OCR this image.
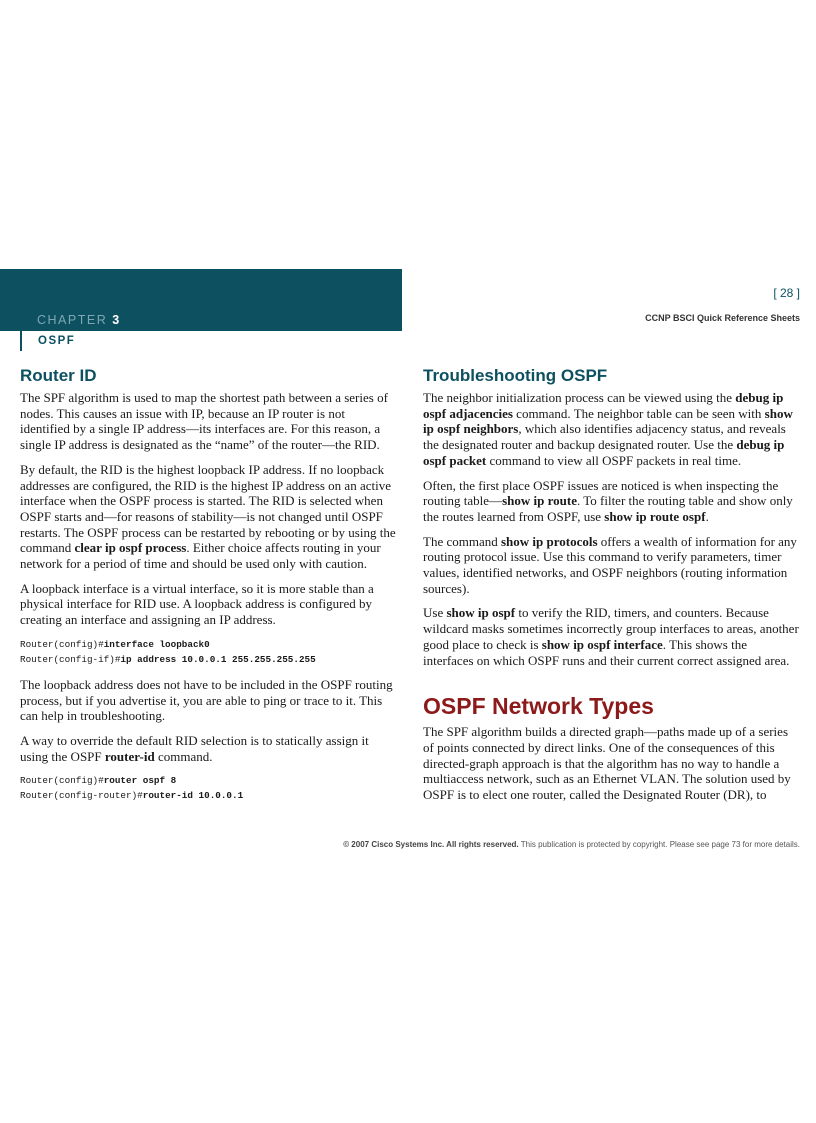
CHAPTER 3
OSPF
[ 28 ]
CCNP BSCI Quick Reference Sheets
Router ID

The SPF algorithm is used to map the shortest path between a series of nodes. This causes an issue with IP, because an IP router is not identified by a single IP address—its interfaces are. For this reason, a single IP address is designated as the “name” of the router—the RID.

By default, the RID is the highest loopback IP address. If no loopback addresses are configured, the RID is the highest IP address on an active interface when the OSPF process is started. The RID is selected when OSPF starts and—for reasons of stability—is not changed until OSPF restarts. The OSPF process can be restarted by rebooting or by using the command clear ip ospf process. Either choice affects routing in your network for a period of time and should be used only with caution.

A loopback interface is a virtual interface, so it is more stable than a physical interface for RID use. A loopback address is configured by creating an interface and assigning an IP address.

Router(config)#interface loopback0
Router(config-if)#ip address 10.0.0.1 255.255.255.255

The loopback address does not have to be included in the OSPF routing process, but if you advertise it, you are able to ping or trace to it. This can help in troubleshooting.

A way to override the default RID selection is to statically assign it using the OSPF router-id command.

Router(config)#router ospf 8
Router(config-router)#router-id 10.0.0.1
Troubleshooting OSPF

The neighbor initialization process can be viewed using the debug ip ospf adjacencies command. The neighbor table can be seen with show ip ospf neighbors, which also identifies adjacency status, and reveals the designated router and backup designated router. Use the debug ip ospf packet command to view all OSPF packets in real time.

Often, the first place OSPF issues are noticed is when inspecting the routing table—show ip route. To filter the routing table and show only the routes learned from OSPF, use show ip route ospf.

The command show ip protocols offers a wealth of information for any routing protocol issue. Use this command to verify parameters, timer values, identified networks, and OSPF neighbors (routing information sources).

Use show ip ospf to verify the RID, timers, and counters. Because wildcard masks sometimes incorrectly group interfaces to areas, another good place to check is show ip ospf interface. This shows the interfaces on which OSPF runs and their current correct assigned area.

OSPF Network Types

The SPF algorithm builds a directed graph—paths made up of a series of points connected by direct links. One of the consequences of this directed-graph approach is that the algorithm has no way to handle a multiaccess network, such as an Ethernet VLAN. The solution used by OSPF is to elect one router, called the Designated Router (DR), to

© 2007 Cisco Systems Inc. All rights reserved. This publication is protected by copyright. Please see page 73 for more details.
